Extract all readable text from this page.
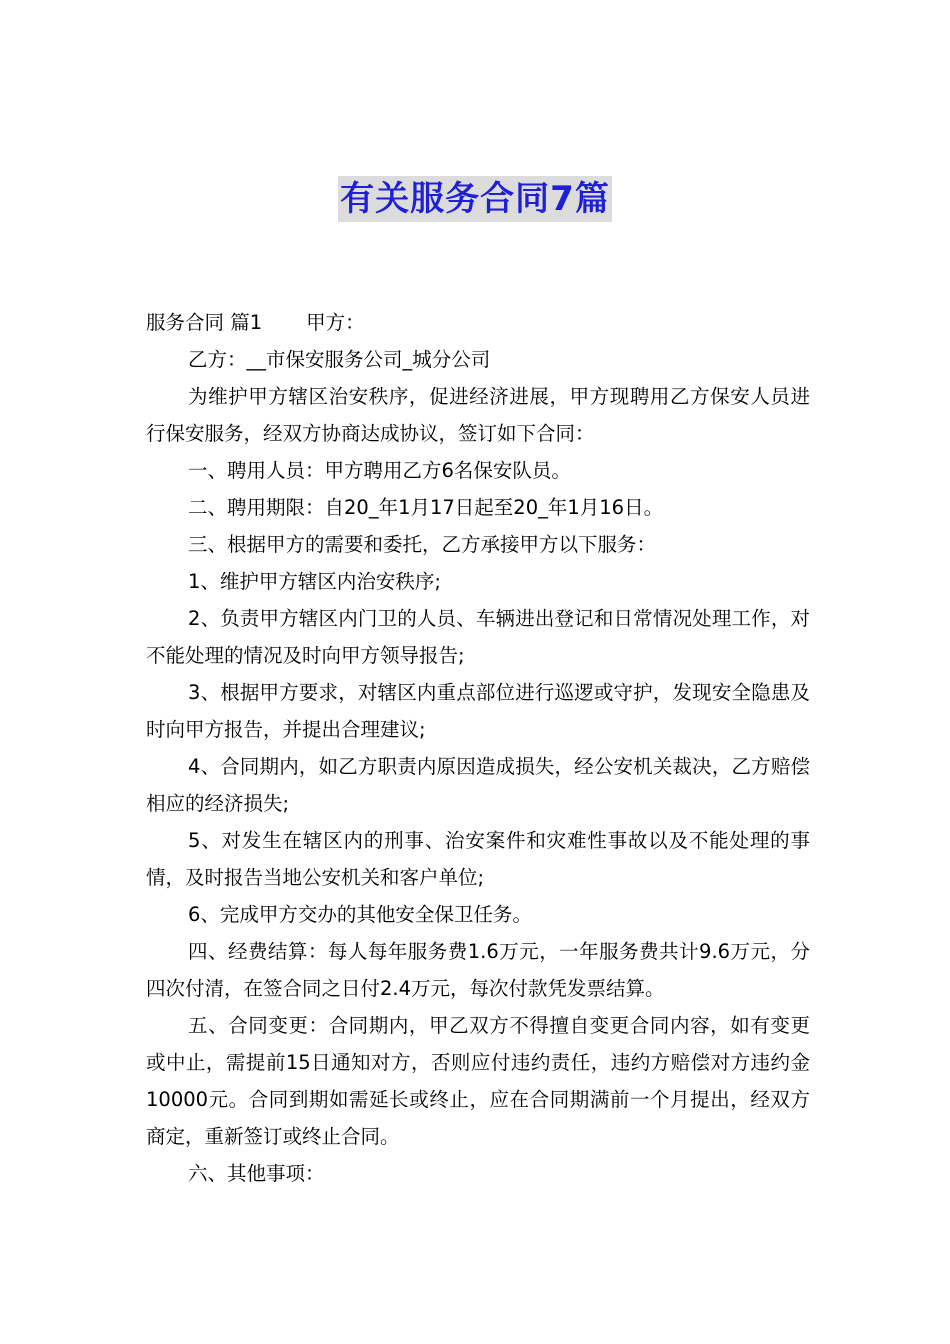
有关服务合同7篇

服务合同 篇1 甲方：

乙方：__市保安服务公司_城分公司

为维护甲方辖区治安秩序，促进经济进展，甲方现聘用乙方保安人员进行保安服务，经双方协商达成协议，签订如下合同：

一、聘用人员：甲方聘用乙方6名保安队员。

二、聘用期限：自20_年1月17日起至20_年1月16日。

三、根据甲方的需要和委托，乙方承接甲方以下服务：

1、维护甲方辖区内治安秩序;

2、负责甲方辖区内门卫的人员、车辆进出登记和日常情况处理工作，对不能处理的情况及时向甲方领导报告;

3、根据甲方要求，对辖区内重点部位进行巡逻或守护，发现安全隐患及时向甲方报告，并提出合理建议;

4、合同期内，如乙方职责内原因造成损失，经公安机关裁决，乙方赔偿相应的经济损失;

5、对发生在辖区内的刑事、治安案件和灾难性事故以及不能处理的事情，及时报告当地公安机关和客户单位;

6、完成甲方交办的其他安全保卫任务。

四、经费结算：每人每年服务费1.6万元，一年服务费共计9.6万元，分四次付清，在签合同之日付2.4万元，每次付款凭发票结算。

五、合同变更：合同期内，甲乙双方不得擅自变更合同内容，如有变更或中止，需提前15日通知对方，否则应付违约责任，违约方赔偿对方违约金10000元。合同到期如需延长或终止，应在合同期满前一个月提出，经双方商定，重新签订或终止合同。

六、其他事项：
